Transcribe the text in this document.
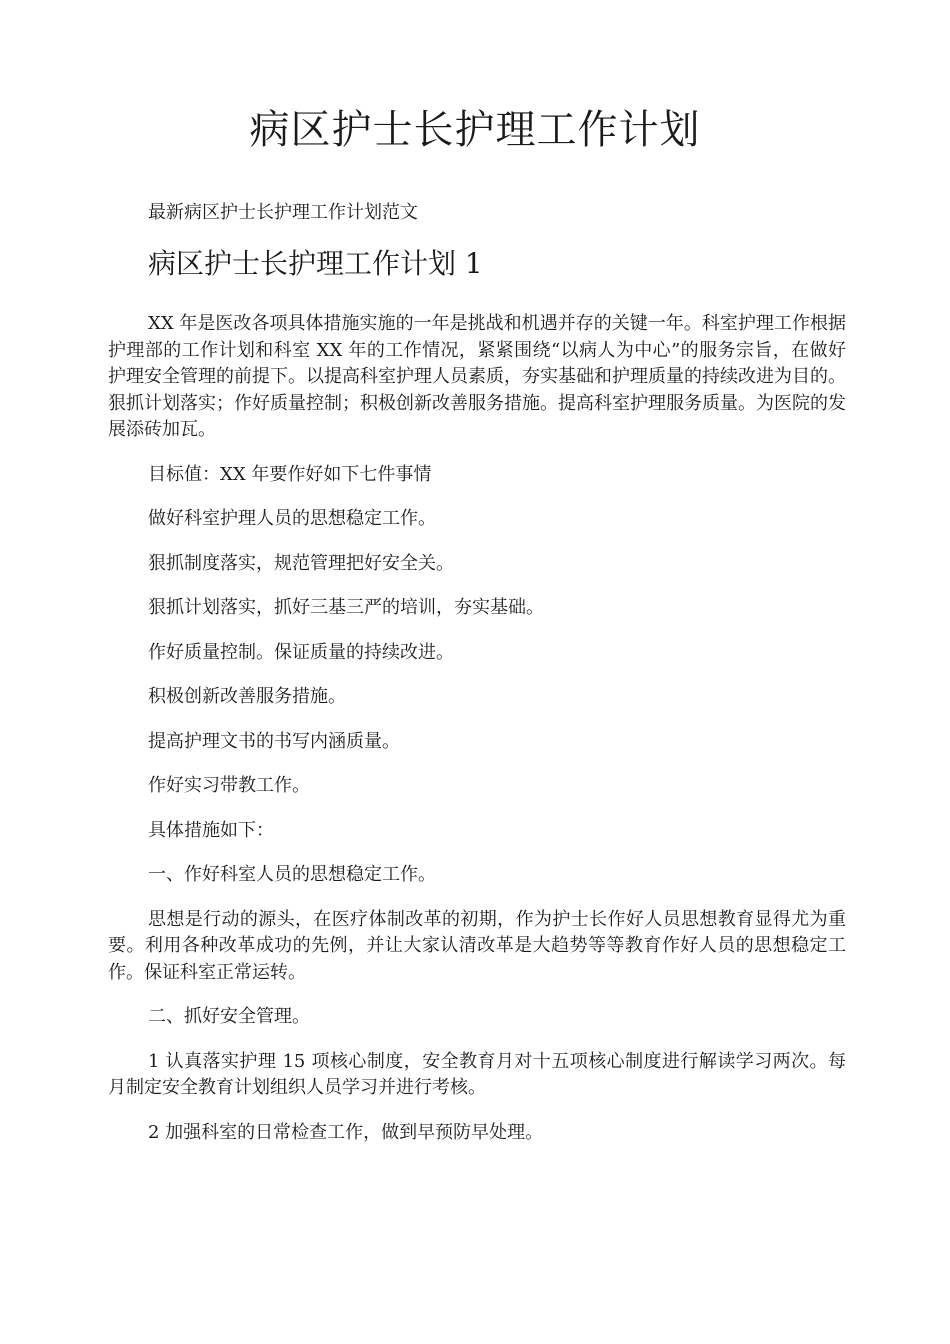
病区护士长护理工作计划

最新病区护士长护理工作计划范文

病区护士长护理工作计划 1

XX 年是医改各项具体措施实施的一年是挑战和机遇并存的关键一年。科室护理工作根据护理部的工作计划和科室 XX 年的工作情况，紧紧围绕“以病人为中心”的服务宗旨，在做好护理安全管理的前提下。以提高科室护理人员素质，夯实基础和护理质量的持续改进为目的。狠抓计划落实；作好质量控制；积极创新改善服务措施。提高科室护理服务质量。为医院的发展添砖加瓦。

目标值：XX 年要作好如下七件事情

做好科室护理人员的思想稳定工作。

狠抓制度落实，规范管理把好安全关。

狠抓计划落实，抓好三基三严的培训，夯实基础。

作好质量控制。保证质量的持续改进。

积极创新改善服务措施。

提高护理文书的书写内涵质量。

作好实习带教工作。

具体措施如下：

一、作好科室人员的思想稳定工作。

思想是行动的源头，在医疗体制改革的初期，作为护士长作好人员思想教育显得尤为重要。利用各种改革成功的先例，并让大家认清改革是大趋势等等教育作好人员的思想稳定工作。保证科室正常运转。

二、抓好安全管理。

1 认真落实护理 15 项核心制度，安全教育月对十五项核心制度进行解读学习两次。每月制定安全教育计划组织人员学习并进行考核。

2 加强科室的日常检查工作，做到早预防早处理。
